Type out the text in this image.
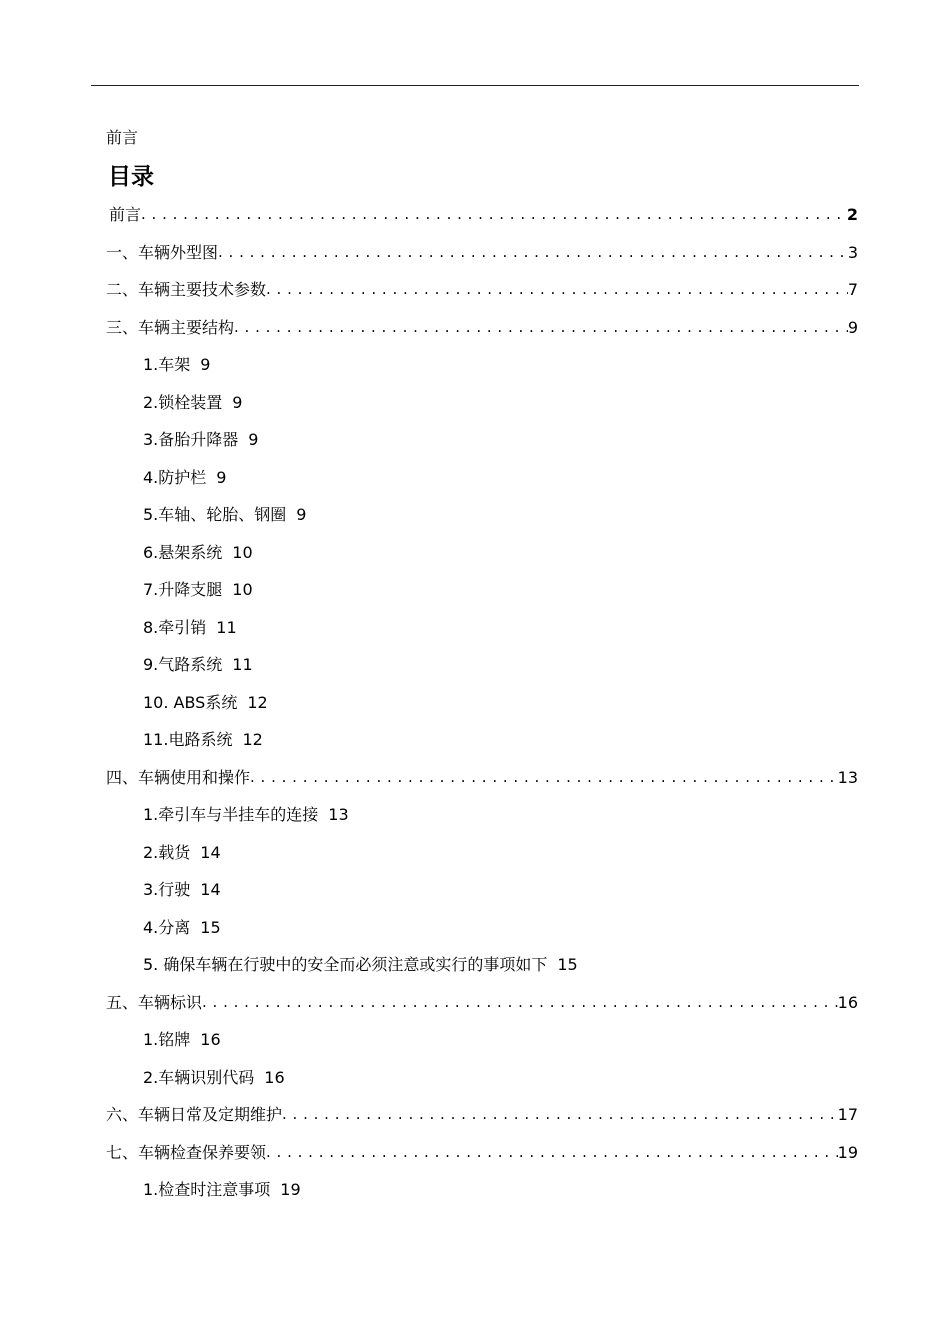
前言
目录
前言 . . .	2
一、车辆外型图 . . .	3
二、车辆主要技术参数 . . .	7
三、车辆主要结构 . . .	9
1.车架 9
2.锁栓装置 9
3.备胎升降器 9
4.防护栏 9
5.车轴、轮胎、钢圈 9
6.悬架系统 10
7.升降支腿 10
8.牵引销 11
9.气路系统 11
10. ABS系统 12
11.电路系统 12
四、车辆使用和操作 . . .	13
1.牵引车与半挂车的连接 13
2.载货 14
3.行驶 14
4.分离 15
5. 确保车辆在行驶中的安全而必须注意或实行的事项如下 15
五、车辆标识 . . .	16
1.铭牌 16
2.车辆识别代码 16
六、车辆日常及定期维护 . . .	17
七、车辆检查保养要领 . . .	19
1.检查时注意事项 19
